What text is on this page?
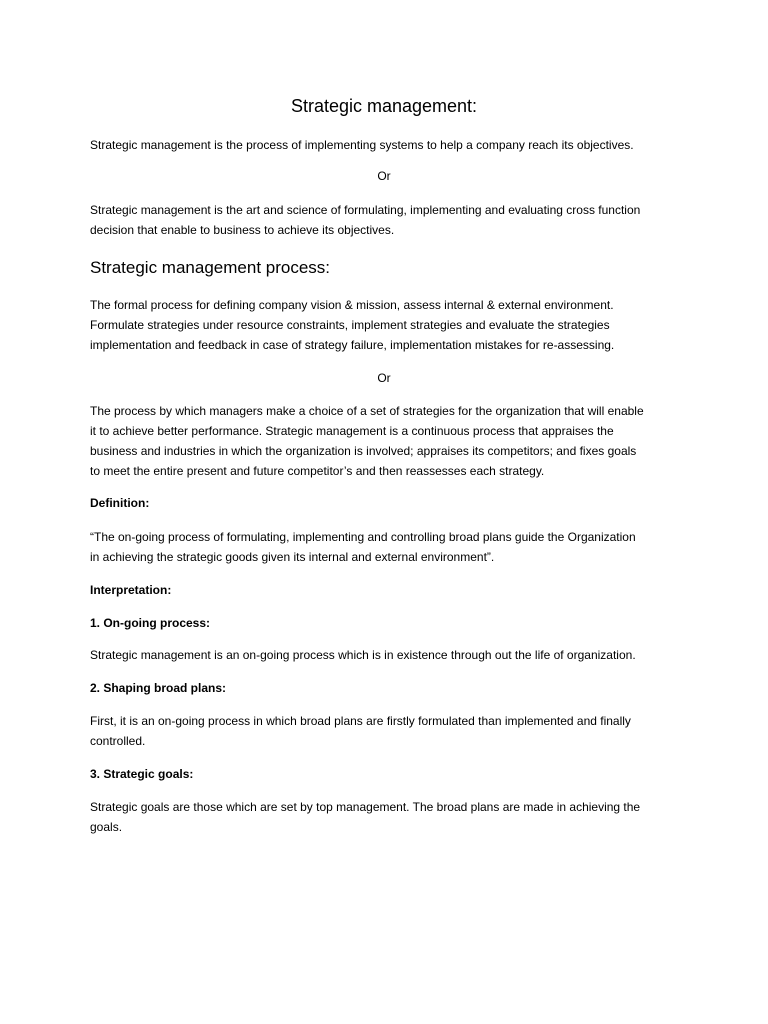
Strategic management:
Strategic management is the process of implementing systems to help a company reach its objectives.
Or
Strategic management is the art and science of formulating, implementing and evaluating cross function
decision that enable to business to achieve its objectives.
Strategic management process:
The formal process for defining company vision & mission, assess internal & external environment.
Formulate strategies under resource constraints, implement strategies and evaluate the strategies
implementation and feedback in case of strategy failure, implementation mistakes for re-assessing.
Or
The process by which managers make a choice of a set of strategies for the organization that will enable
it to achieve better performance. Strategic management is a continuous process that appraises the
business and industries in which the organization is involved; appraises its competitors; and fixes goals
to meet the entire present and future competitor’s and then reassesses each strategy.
Definition:
“The on-going process of formulating, implementing and controlling broad plans guide the Organization
in achieving the strategic goods given its internal and external environment”.
Interpretation:
1. On-going process:
Strategic management is an on-going process which is in existence through out the life of organization.
2. Shaping broad plans:
First, it is an on-going process in which broad plans are firstly formulated than implemented and finally
controlled.
3. Strategic goals:
Strategic goals are those which are set by top management. The broad plans are made in achieving the
goals.
